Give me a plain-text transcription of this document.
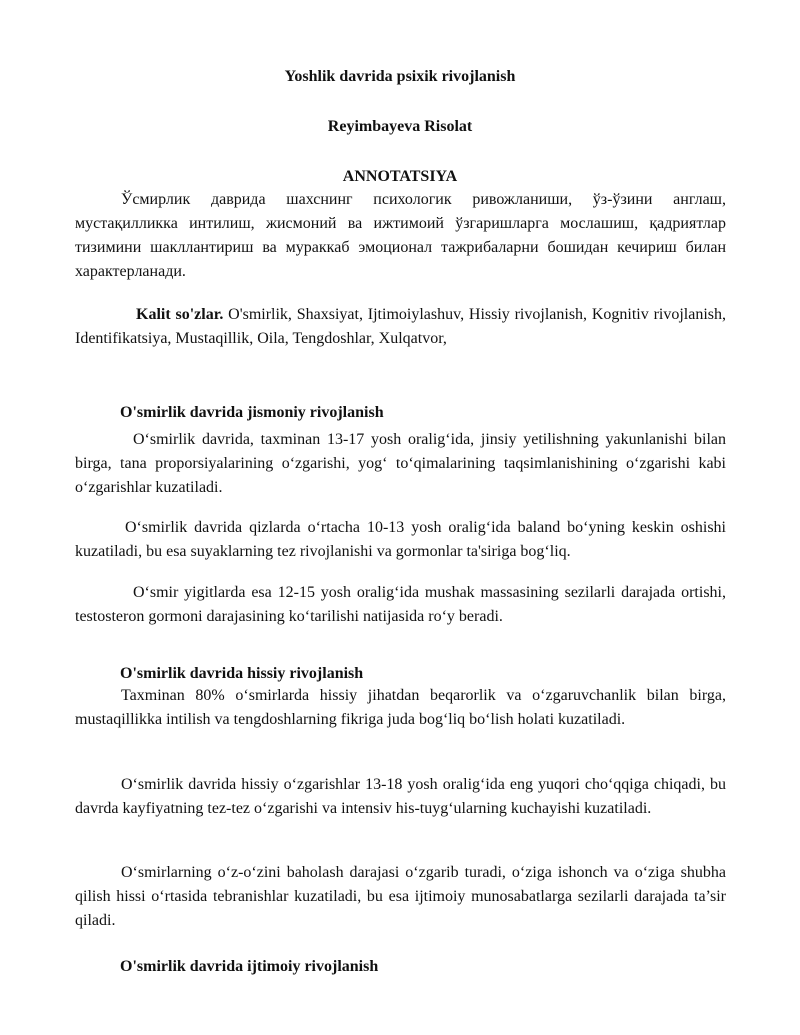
Yoshlik davrida psixik rivojlanish
Reyimbayeva Risolat
ANNOTATSIYA

Ўсмирлик даврида шахснинг психологик ривожланиши, ўз-ўзини англаш, мустақилликка интилиш, жисмоний ва ижтимоий ўзгаришларга мослашиш, қадриятлар тизимини шакллантириш ва мураккаб эмоционал тажрибаларни бошидан кечириш билан характерланади.

Kalit so'zlar. O'smirlik, Shaxsiyat, Ijtimoiylashuv, Hissiy rivojlanish, Kognitiv rivojlanish, Identifikatsiya, Mustaqillik, Oila, Tengdoshlar, Xulqatvor,

O'smirlik davrida jismoniy rivojlanish

O‘smirlik davrida, taxminan 13-17 yosh oralig‘ida, jinsiy yetilishning yakunlanishi bilan birga, tana proporsiyalarining o‘zgarishi, yog‘ to‘qimalarining taqsimlanishining o‘zgarishi kabi o‘zgarishlar kuzatiladi.

O‘smirlik davrida qizlarda o‘rtacha 10-13 yosh oralig‘ida baland bo‘yning keskin oshishi kuzatiladi, bu esa suyaklarning tez rivojlanishi va gormonlar ta'siriga bog‘liq.

O‘smir yigitlarda esa 12-15 yosh oralig‘ida mushak massasining sezilarli darajada ortishi, testosteron gormoni darajasining ko‘tarilishi natijasida ro‘y beradi.

O'smirlik davrida hissiy rivojlanish

Taxminan 80% o‘smirlarda hissiy jihatdan beqarorlik va o‘zgaruvchanlik bilan birga, mustaqillikka intilish va tengdoshlarning fikriga juda bog‘liq bo‘lish holati kuzatiladi.

O‘smirlik davrida hissiy o‘zgarishlar 13-18 yosh oralig‘ida eng yuqori cho‘qqiga chiqadi, bu davrda kayfiyatning tez-tez o‘zgarishi va intensiv his-tuyg‘ularning kuchayishi kuzatiladi.

O‘smirlarning o‘z-o‘zini baholash darajasi o‘zgarib turadi, o‘ziga ishonch va o‘ziga shubha qilish hissi o‘rtasida tebranishlar kuzatiladi, bu esa ijtimoiy munosabatlarga sezilarli darajada ta’sir qiladi.

O'smirlik davrida ijtimoiy rivojlanish
